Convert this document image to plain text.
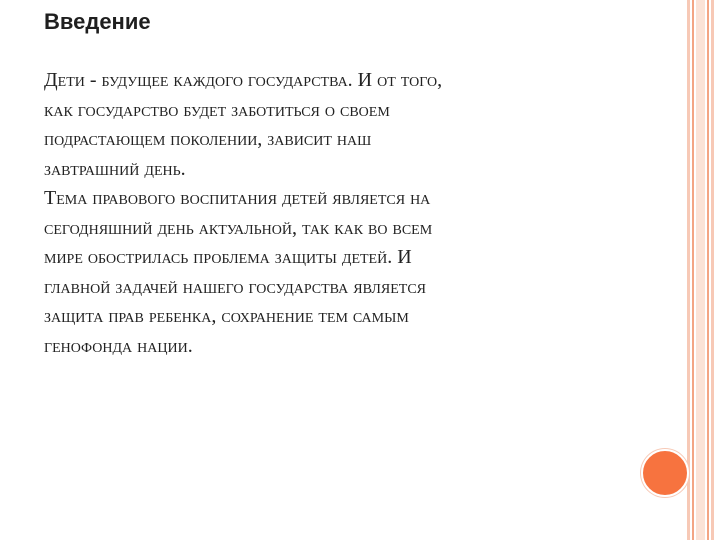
Введение
Дети - будущее каждого государства. И от того,
как государство будет заботиться о своем
подрастающем поколении, зависит наш
завтрашний день.
Тема правового воспитания детей является на
сегодняшний день актуальной, так как во всем
мире обострилась проблема защиты детей. И
главной задачей нашего государства является
защита прав ребенка, сохранение тем самым
генофонда нации.
